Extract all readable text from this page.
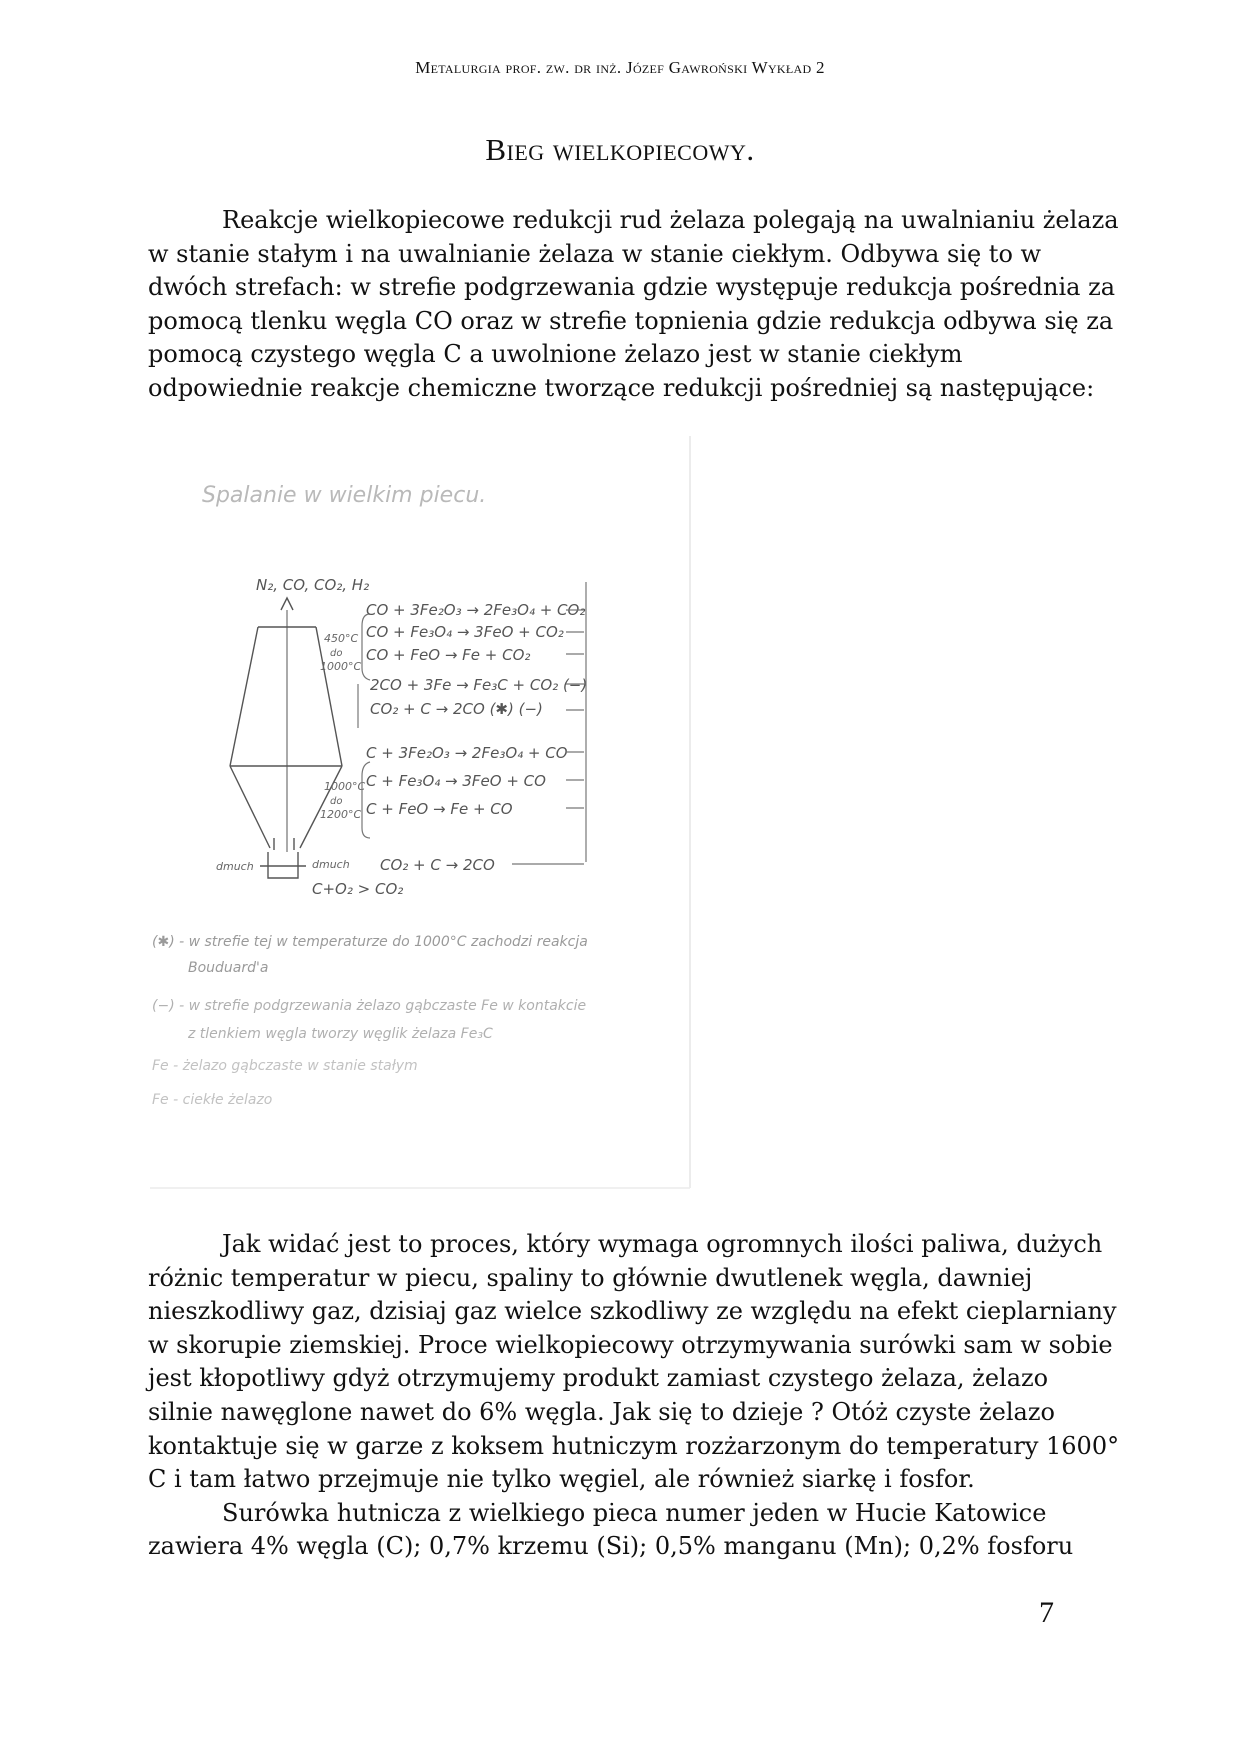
Metalurgia prof. zw. dr inż. Józef Gawroński Wykład 2
Bieg wielkopiecowy.
Reakcje wielkopiecowe redukcji rud żelaza polegają na uwalnianiu żelaza
w stanie stałym i na uwalnianie żelaza w stanie ciekłym. Odbywa się to w
dwóch strefach: w strefie podgrzewania gdzie występuje redukcja pośrednia za
pomocą tlenku węgla CO oraz w strefie topnienia gdzie redukcja odbywa się za
pomocą czystego węgla C a uwolnione żelazo jest w stanie ciekłym
odpowiednie reakcje chemiczne tworzące redukcji pośredniej są następujące:
Spalanie w wielkim piecu.
N₂, CO, CO₂, H₂
450°C
do
1000°C
1000°C
do
1200°C
dmuch	dmuch
C+O₂ > CO₂
CO + 3Fe₂O₃ → 2Fe₃O₄ + CO₂
CO + Fe₃O₄ → 3FeO + CO₂
CO + FeO → Fe + CO₂
2CO + 3Fe → Fe₃C + CO₂ (−)
CO₂ + C → 2CO (✱) (−)
C + 3Fe₂O₃ → 2Fe₃O₄ + CO
C + Fe₃O₄ → 3FeO + CO
C + FeO → Fe + CO
CO₂ + C → 2CO
(✱) - w strefie tej w temperaturze do 1000°C zachodzi reakcja
Bouduard'a
(−) - w strefie podgrzewania żelazo gąbczaste Fe w kontakcie
z tlenkiem węgla tworzy węglik żelaza Fe₃C
Fe - żelazo gąbczaste w stanie stałym
Fe - ciekłe żelazo
Jak widać jest to proces, który wymaga ogromnych ilości paliwa, dużych
różnic temperatur w piecu, spaliny to głównie dwutlenek węgla, dawniej
nieszkodliwy gaz, dzisiaj gaz wielce szkodliwy ze względu na efekt cieplarniany
w skorupie ziemskiej. Proce wielkopiecowy otrzymywania surówki sam w sobie
jest kłopotliwy gdyż otrzymujemy produkt zamiast czystego żelaza, żelazo
silnie nawęglone nawet do 6% węgla. Jak się to dzieje ? Otóż czyste żelazo
kontaktuje się w garze z koksem hutniczym rozżarzonym do temperatury 1600°
C i tam łatwo przejmuje nie tylko węgiel, ale również siarkę i fosfor.
Surówka hutnicza z wielkiego pieca numer jeden w Hucie Katowice
zawiera 4% węgla (C); 0,7% krzemu (Si); 0,5% manganu (Mn); 0,2% fosforu
7
